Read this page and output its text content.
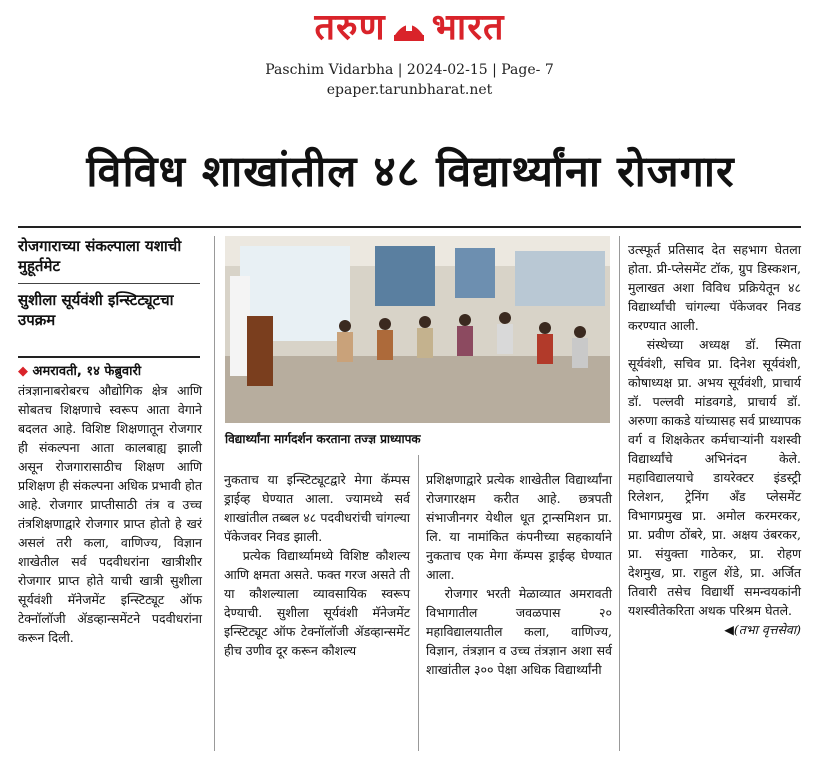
तरुण भारत
Paschim Vidarbha | 2024-02-15 | Page- 7
epaper.tarunbharat.net
विविध शाखांतील ४८ विद्यार्थ्यांना रोजगार
रोजगाराच्या संकल्पाला यशाची मुहूर्तमेट
सुशीला सूर्यवंशी इन्स्टिट्यूटचा उपक्रम
◆ अमरावती, १४ फेब्रुवारी

तंत्रज्ञानाबरोबरच औद्योगिक क्षेत्र आणि सोबतच शिक्षणाचे स्वरूप आता वेगाने बदलत आहे. विशिष्ट शिक्षणातून रोजगार ही संकल्पना आता कालबाह्य झाली असून रोजगारासाठीच शिक्षण आणि प्रशिक्षण ही संकल्पना अधिक प्रभावी होत आहे. रोजगार प्राप्तीसाठी तंत्र व उच्च तंत्रशिक्षणाद्वारे रोजगार प्राप्त होतो हे खरं असलं तरी कला, वाणिज्य, विज्ञान शाखेतील सर्व पदवीधरांना खात्रीशीर रोजगार प्राप्त होते याची खात्री सुशीला सूर्यवंशी मॅनेजमेंट इन्स्टिट्यूट ऑफ टेक्नॉलॉजी ॲडव्हान्समेंटने पदवीधरांना करून दिली.

विद्यार्थ्यांना मार्गदर्शन करताना तज्ज्ञ प्राध्यापक

नुकताच या इन्स्टिट्यूटद्वारे मेगा कॅम्पस ड्राईव्ह घेण्यात आला. ज्यामध्ये सर्व शाखांतील तब्बल ४८ पदवीधरांची चांगल्या पॅकेजवर निवड झाली.

प्रत्येक विद्यार्थ्यामध्ये विशिष्ट कौशल्य आणि क्षमता असते. फक्त गरज असते ती या कौशल्याला व्यावसायिक स्वरूप देण्याची. सुशीला सूर्यवंशी मॅनेजमेंट इन्स्टिट्यूट ऑफ टेक्नॉलॉजी ॲडव्हान्समेंट हीच उणीव दूर करून कौशल्य

प्रशिक्षणाद्वारे प्रत्येक शाखेतील विद्यार्थ्यांना रोजगारक्षम करीत आहे. छत्रपती संभाजीनगर येथील धूत ट्रान्समिशन प्रा. लि. या नामांकित कंपनीच्या सहकार्याने नुकताच एक मेगा कॅम्पस ड्राईव्ह घेण्यात आला.

रोजगार भरती मेळाव्यात अमरावती विभागातील जवळपास २० महाविद्यालयातील कला, वाणिज्य, विज्ञान, तंत्रज्ञान व उच्च तंत्रज्ञान अशा सर्व शाखांतील ३०० पेक्षा अधिक विद्यार्थ्यांनी

उत्स्फूर्त प्रतिसाद देत सहभाग घेतला होता. प्री-प्लेसमेंट टॉक, ग्रुप डिस्कशन, मुलाखत अशा विविध प्रक्रियेतून ४८ विद्यार्थ्यांची चांगल्या पॅकेजवर निवड करण्यात आली.

संस्थेच्या अध्यक्ष डॉ. स्मिता सूर्यवंशी, सचिव प्रा. दिनेश सूर्यवंशी, कोषाध्यक्ष प्रा. अभय सूर्यवंशी, प्राचार्य डॉ. पल्लवी मांडवगडे, प्राचार्य डॉ. अरुणा काकडे यांच्यासह सर्व प्राध्यापक वर्ग व शिक्षकेतर कर्मचाऱ्यांनी यशस्वी विद्यार्थ्यांचे अभिनंदन केले. महाविद्यालयाचे डायरेक्टर इंडस्ट्री रिलेशन, ट्रेनिंग अँड प्लेसमेंट विभागप्रमुख प्रा. अमोल करमरकर, प्रा. प्रवीण ठोंबरे, प्रा. अक्षय उंबरकर, प्रा. संयुक्ता गाठेकर, प्रा. रोहण देशमुख, प्रा. राहुल शेंडे, प्रा. अर्जित तिवारी तसेच विद्यार्थी समन्वयकांनी यशस्वीतेकरिता अथक परिश्रम घेतले.

◀(तभा वृत्तसेवा)
